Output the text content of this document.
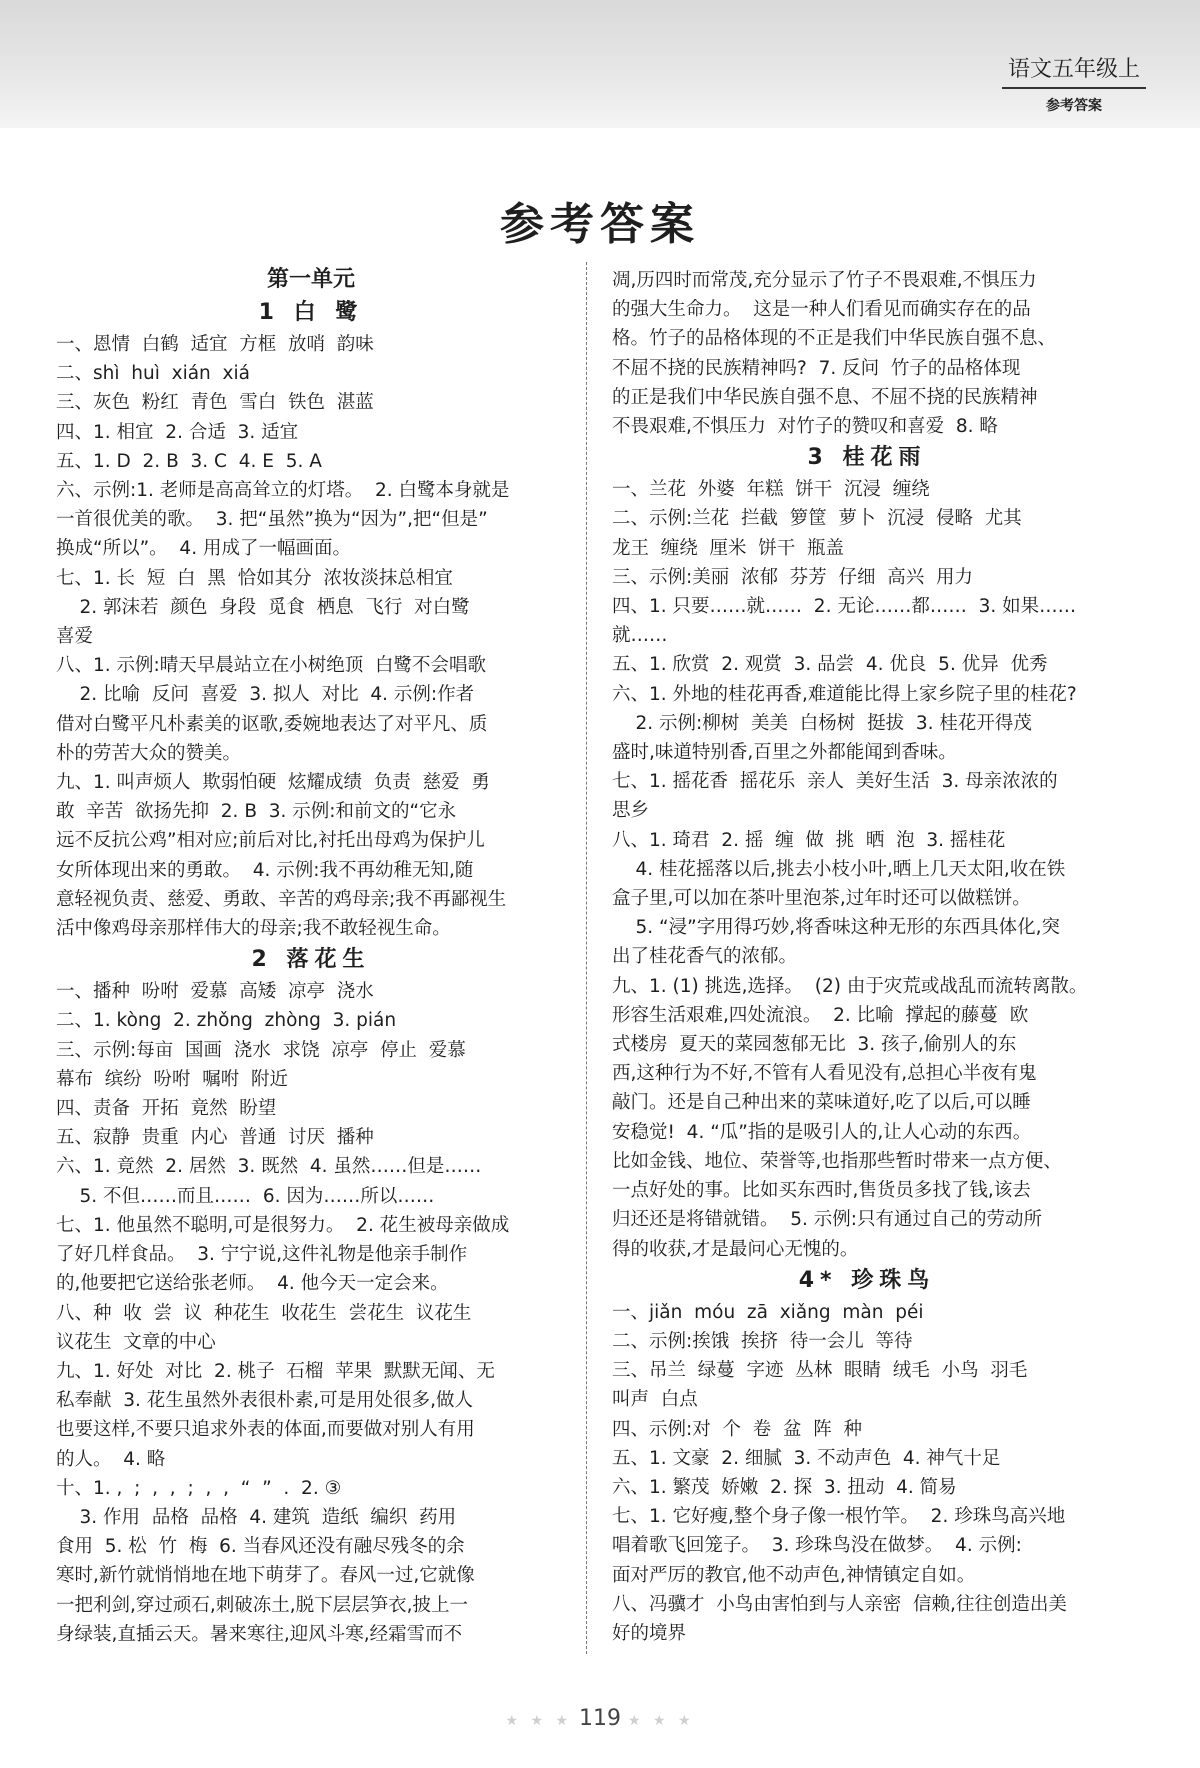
语文五年级上
参考答案
参考答案
第一单元
1 白 鹭
一、恩情  白鹤  适宜  方框  放哨  韵味
二、shì  huì  xián  xiá
三、灰色  粉红  青色  雪白  铁色  湛蓝
四、1. 相宜  2. 合适  3. 适宜
五、1. D  2. B  3. C  4. E  5. A
六、示例:1. 老师是高高耸立的灯塔。  2. 白鹭本身就是
一首很优美的歌。  3. 把“虽然”换为“因为”,把“但是”
换成“所以”。  4. 用成了一幅画面。
七、1. 长  短  白  黑  恰如其分  浓妆淡抹总相宜
2. 郭沫若  颜色  身段  觅食  栖息  飞行  对白鹭
喜爱
八、1. 示例:晴天早晨站立在小树绝顶  白鹭不会唱歌
2. 比喻  反问  喜爱  3. 拟人  对比  4. 示例:作者
借对白鹭平凡朴素美的讴歌,委婉地表达了对平凡、质
朴的劳苦大众的赞美。
九、1. 叫声烦人  欺弱怕硬  炫耀成绩  负责  慈爱  勇
敢  辛苦  欲扬先抑  2. B  3. 示例:和前文的“它永
远不反抗公鸡”相对应;前后对比,衬托出母鸡为保护儿
女所体现出来的勇敢。  4. 示例:我不再幼稚无知,随
意轻视负责、慈爱、勇敢、辛苦的鸡母亲;我不再鄙视生
活中像鸡母亲那样伟大的母亲;我不敢轻视生命。
2 落花生
一、播种  吩咐  爱慕  高矮  凉亭  浇水
二、1. kòng  2. zhǒng  zhòng  3. pián
三、示例:每亩  国画  浇水  求饶  凉亭  停止  爱慕
幕布  缤纷  吩咐  嘱咐  附近
四、责备  开拓  竟然  盼望
五、寂静  贵重  内心  普通  讨厌  播种
六、1. 竟然  2. 居然  3. 既然  4. 虽然……但是……
5. 不但……而且……  6. 因为……所以……
七、1. 他虽然不聪明,可是很努力。  2. 花生被母亲做成
了好几样食品。  3. 宁宁说,这件礼物是他亲手制作
的,他要把它送给张老师。  4. 他今天一定会来。
八、种  收  尝  议  种花生  收花生  尝花生  议花生
议花生  文章的中心
九、1. 好处  对比  2. 桃子  石榴  苹果  默默无闻、无
私奉献  3. 花生虽然外表很朴素,可是用处很多,做人
也要这样,不要只追求外表的体面,而要做对别人有用
的人。  4. 略
十、1. ,  ;  ,  ,  ;  ,  ,  “  ”  .  2. ③
3. 作用  品格  品格  4. 建筑  造纸  编织  药用
食用  5. 松  竹  梅  6. 当春风还没有融尽残冬的余
寒时,新竹就悄悄地在地下萌芽了。春风一过,它就像
一把利剑,穿过顽石,刺破冻土,脱下层层笋衣,披上一
身绿装,直插云天。暑来寒往,迎风斗寒,经霜雪而不
凋,历四时而常茂,充分显示了竹子不畏艰难,不惧压力
的强大生命力。  这是一种人们看见而确实存在的品
格。竹子的品格体现的不正是我们中华民族自强不息、
不屈不挠的民族精神吗?  7. 反问  竹子的品格体现
的正是我们中华民族自强不息、不屈不挠的民族精神
不畏艰难,不惧压力  对竹子的赞叹和喜爱  8. 略
3 桂花雨
一、兰花  外婆  年糕  饼干  沉浸  缠绕
二、示例:兰花  拦截  箩筐  萝卜  沉浸  侵略  尤其
龙王  缠绕  厘米  饼干  瓶盖
三、示例:美丽  浓郁  芬芳  仔细  高兴  用力
四、1. 只要……就……  2. 无论……都……  3. 如果……
就……
五、1. 欣赏  2. 观赏  3. 品尝  4. 优良  5. 优异  优秀
六、1. 外地的桂花再香,难道能比得上家乡院子里的桂花?
2. 示例:柳树  美美  白杨树  挺拔  3. 桂花开得茂
盛时,味道特别香,百里之外都能闻到香味。
七、1. 摇花香  摇花乐  亲人  美好生活  3. 母亲浓浓的
思乡
八、1. 琦君  2. 摇  缠  做  挑  晒  泡  3. 摇桂花
4. 桂花摇落以后,挑去小枝小叶,晒上几天太阳,收在铁
盒子里,可以加在茶叶里泡茶,过年时还可以做糕饼。
5. “浸”字用得巧妙,将香味这种无形的东西具体化,突
出了桂花香气的浓郁。
九、1. (1) 挑选,选择。  (2) 由于灾荒或战乱而流转离散。
形容生活艰难,四处流浪。  2. 比喻  撑起的藤蔓  欧
式楼房  夏天的菜园葱郁无比  3. 孩子,偷别人的东
西,这种行为不好,不管有人看见没有,总担心半夜有鬼
敲门。还是自己种出来的菜味道好,吃了以后,可以睡
安稳觉!  4. “瓜”指的是吸引人的,让人心动的东西。
比如金钱、地位、荣誉等,也指那些暂时带来一点方便、
一点好处的事。比如买东西时,售货员多找了钱,该去
归还还是将错就错。  5. 示例:只有通过自己的劳动所
得的收获,才是最问心无愧的。
4* 珍珠鸟
一、jiǎn  móu  zā  xiǎng  màn  péi
二、示例:挨饿  挨挤  待一会儿  等待
三、吊兰  绿蔓  字迹  丛林  眼睛  绒毛  小鸟  羽毛
叫声  白点
四、示例:对  个  卷  盆  阵  种
五、1. 文豪  2. 细腻  3. 不动声色  4. 神气十足
六、1. 繁茂  娇嫩  2. 探  3. 扭动  4. 简易
七、1. 它好瘦,整个身子像一根竹竿。  2. 珍珠鸟高兴地
唱着歌飞回笼子。  3. 珍珠鸟没在做梦。  4. 示例:
面对严厉的教官,他不动声色,神情镇定自如。
八、冯骥才  小鸟由害怕到与人亲密  信赖,往往创造出美
好的境界
★ ★ ★ 119 ★ ★ ★
